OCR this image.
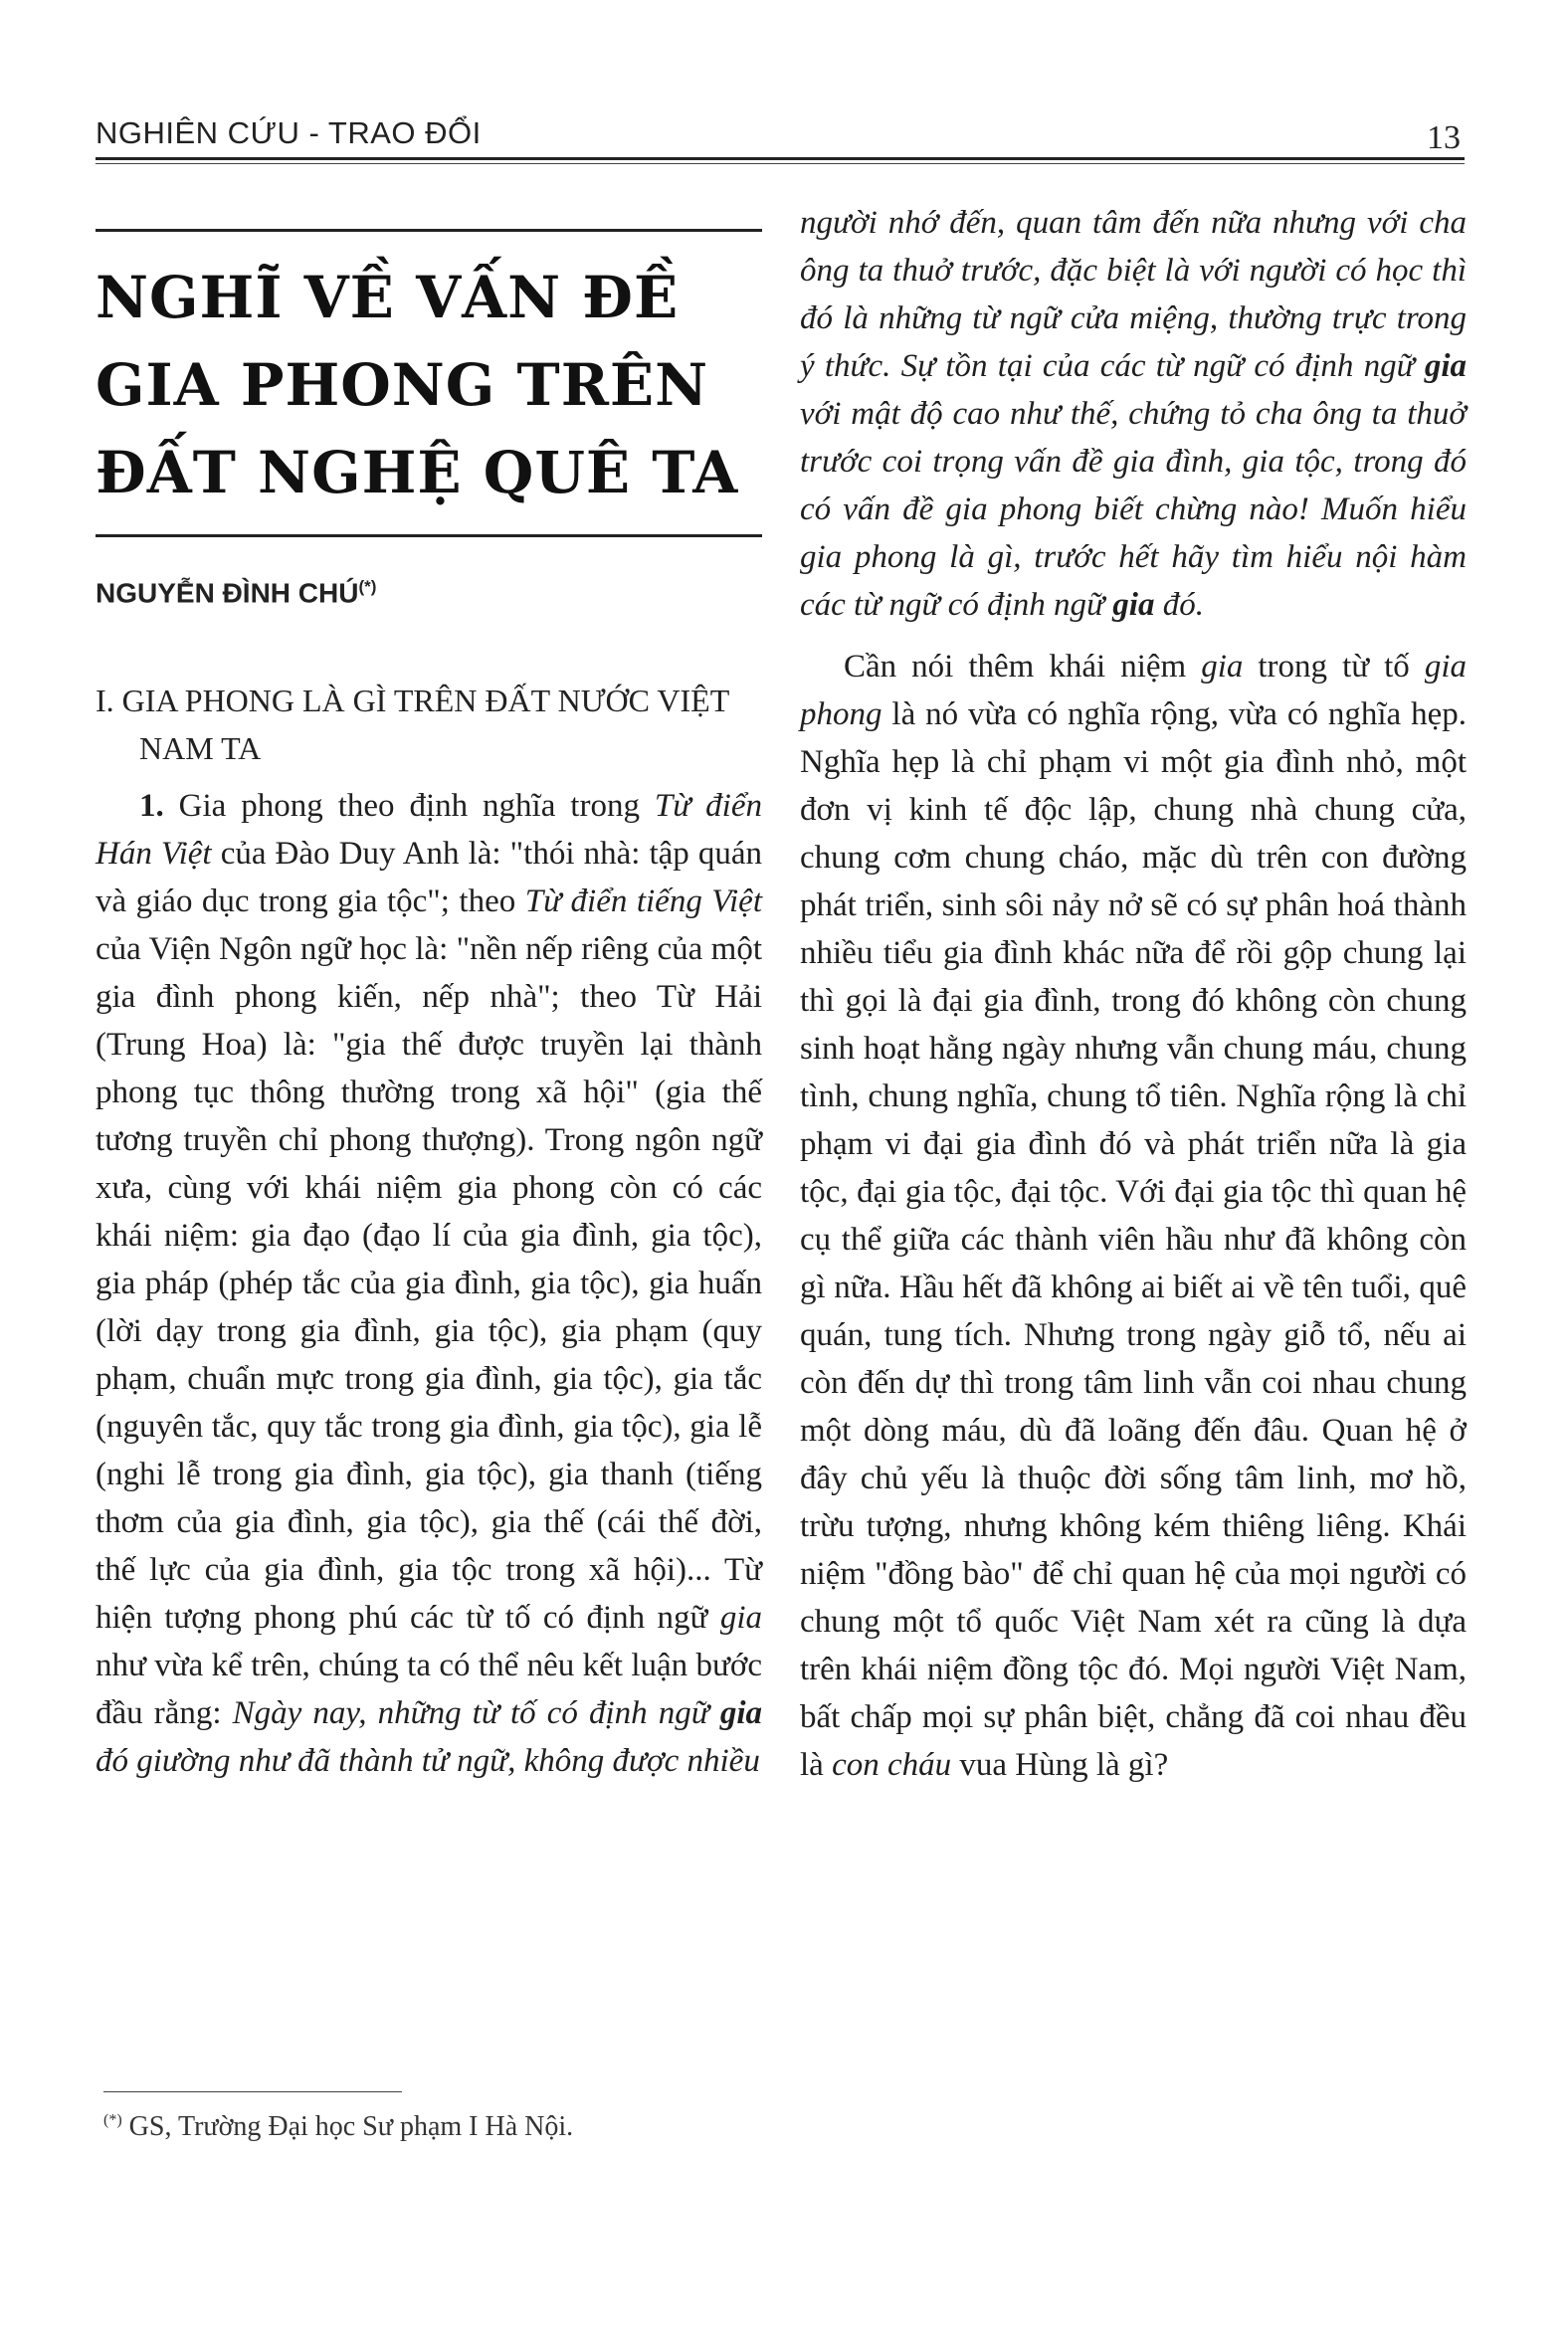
NGHIÊN CỨU - TRAO ĐỔI	13
NGHĨ VỀ VẤN ĐỀ
GIA PHONG TRÊN
ĐẤT NGHỆ QUÊ TA
NGUYỄN ĐÌNH CHÚ(*)
I. GIA PHONG LÀ GÌ TRÊN ĐẤT NƯỚC VIỆT NAM TA

1. Gia phong theo định nghĩa trong Từ điển Hán Việt của Đào Duy Anh là: "thói nhà: tập quán và giáo dục trong gia tộc"; theo Từ điển tiếng Việt của Viện Ngôn ngữ học là: "nền nếp riêng của một gia đình phong kiến, nếp nhà"; theo Từ Hải (Trung Hoa) là: "gia thế được truyền lại thành phong tục thông thường trong xã hội" (gia thế tương truyền chỉ phong thượng). Trong ngôn ngữ xưa, cùng với khái niệm gia phong còn có các khái niệm: gia đạo (đạo lí của gia đình, gia tộc), gia pháp (phép tắc của gia đình, gia tộc), gia huấn (lời dạy trong gia đình, gia tộc), gia phạm (quy phạm, chuẩn mực trong gia đình, gia tộc), gia tắc (nguyên tắc, quy tắc trong gia đình, gia tộc), gia lễ (nghi lễ trong gia đình, gia tộc), gia thanh (tiếng thơm của gia đình, gia tộc), gia thế (cái thế đời, thế lực của gia đình, gia tộc trong xã hội)... Từ hiện tượng phong phú các từ tố có định ngữ gia như vừa kể trên, chúng ta có thể nêu kết luận bước đầu rằng: Ngày nay, những từ tố có định ngữ gia đó giường như đã thành tử ngữ, không được nhiều

người nhớ đến, quan tâm đến nữa nhưng với cha ông ta thuở trước, đặc biệt là với người có học thì đó là những từ ngữ cửa miệng, thường trực trong ý thức. Sự tồn tại của các từ ngữ có định ngữ gia với mật độ cao như thế, chứng tỏ cha ông ta thuở trước coi trọng vấn đề gia đình, gia tộc, trong đó có vấn đề gia phong biết chừng nào! Muốn hiểu gia phong là gì, trước hết hãy tìm hiểu nội hàm các từ ngữ có định ngữ gia đó.

Cần nói thêm khái niệm gia trong từ tố gia phong là nó vừa có nghĩa rộng, vừa có nghĩa hẹp. Nghĩa hẹp là chỉ phạm vi một gia đình nhỏ, một đơn vị kinh tế độc lập, chung nhà chung cửa, chung cơm chung cháo, mặc dù trên con đường phát triển, sinh sôi nảy nở sẽ có sự phân hoá thành nhiều tiểu gia đình khác nữa để rồi gộp chung lại thì gọi là đại gia đình, trong đó không còn chung sinh hoạt hằng ngày nhưng vẫn chung máu, chung tình, chung nghĩa, chung tổ tiên. Nghĩa rộng là chỉ phạm vi đại gia đình đó và phát triển nữa là gia tộc, đại gia tộc, đại tộc. Với đại gia tộc thì quan hệ cụ thể giữa các thành viên hầu như đã không còn gì nữa. Hầu hết đã không ai biết ai về tên tuổi, quê quán, tung tích. Nhưng trong ngày giỗ tổ, nếu ai còn đến dự thì trong tâm linh vẫn coi nhau chung một dòng máu, dù đã loãng đến đâu. Quan hệ ở đây chủ yếu là thuộc đời sống tâm linh, mơ hồ, trừu tượng, nhưng không kém thiêng liêng. Khái niệm "đồng bào" để chỉ quan hệ của mọi người có chung một tổ quốc Việt Nam xét ra cũng là dựa trên khái niệm đồng tộc đó. Mọi người Việt Nam, bất chấp mọi sự phân biệt, chẳng đã coi nhau đều là con cháu vua Hùng là gì?

(*) GS, Trường Đại học Sư phạm I Hà Nội.
